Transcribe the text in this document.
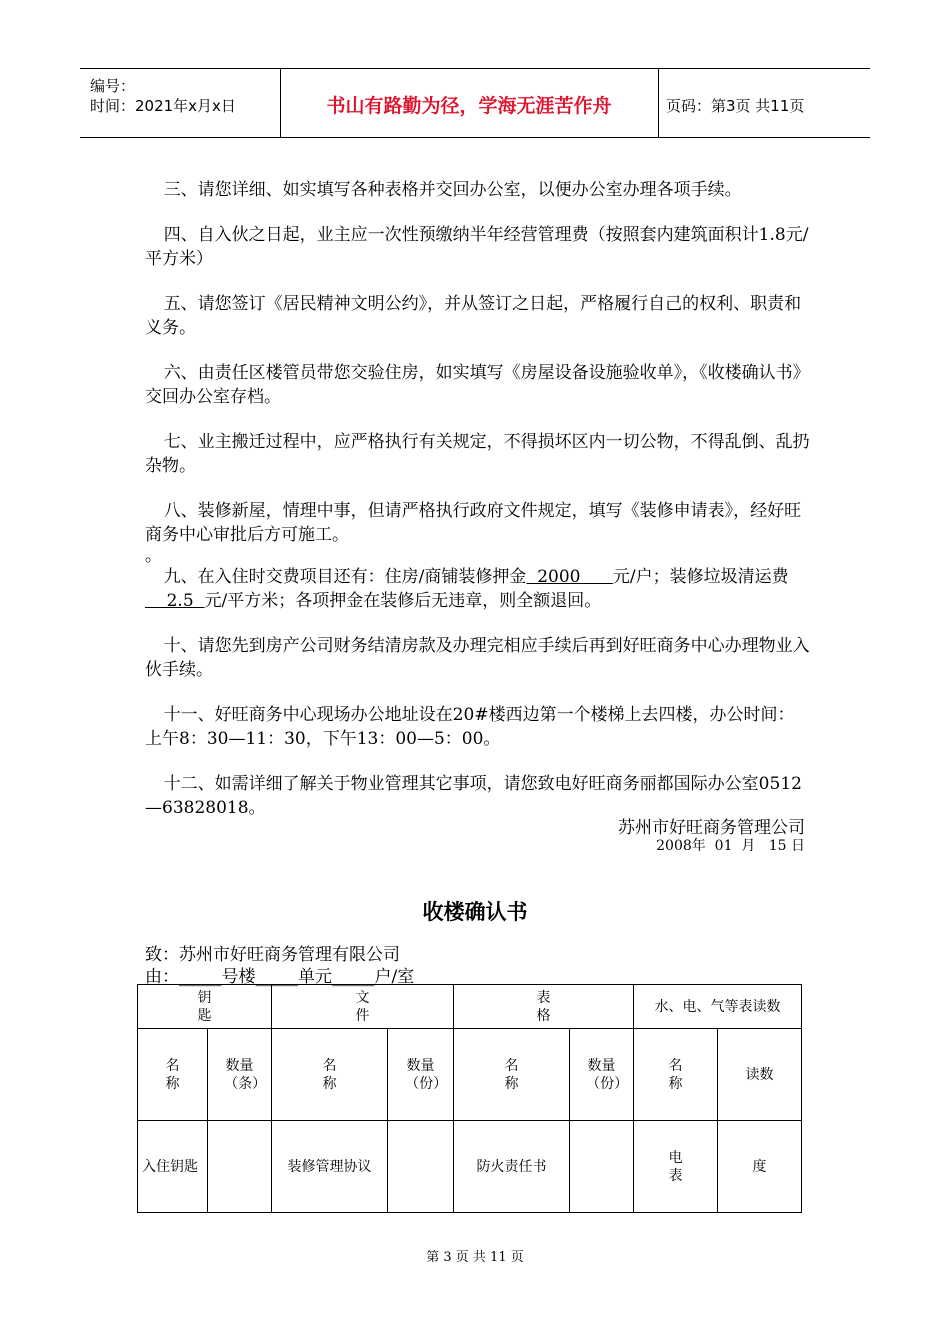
编号：
时间：2021年x月x日	书山有路勤为径，学海无涯苦作舟	页码：第3页 共11页

三、请您详细、如实填写各种表格并交回办公室，以便办公室办理各项手续。

四、自入伙之日起，业主应一次性预缴纳半年经营管理费（按照套内建筑面积计1.8元/平方米）

五、请您签订《居民精神文明公约》，并从签订之日起，严格履行自己的权利、职责和义务。

六、由责任区楼管员带您交验住房，如实填写《房屋设备设施验收单》，《收楼确认书》交回办公室存档。

七、业主搬迁过程中，应严格执行有关规定，不得损坏区内一切公物，不得乱倒、乱扔杂物。

八、装修新屋，情理中事，但请严格执行政府文件规定，填写《装修申请表》，经好旺商务中心审批后方可施工。

。

九、在入住时交费项目还有：住房/商铺装修押金  2000      元/户；装修垃圾清运费    2.5  元/平方米；各项押金在装修后无违章，则全额退回。

十、请您先到房产公司财务结清房款及办理完相应手续后再到好旺商务中心办理物业入伙手续。

十一、好旺商务中心现场办公地址设在20#楼西边第一个楼梯上去四楼，办公时间：上午8：30—11：30，下午13：00—5：00。

十二、如需详细了解关于物业管理其它事项，请您致电好旺商务丽都国际办公室0512—63828018。

苏州市好旺商务管理公司
2008年  01  月   15 日
收楼确认书
致：苏州市好旺商务管理有限公司
由：_____号楼_____单元_____户/室
钥匙		文件		表格		水、电、气等表读数	
名称	数量（条）	名称	数量（份）	名称	数量（份）	名称	读数
入住钥匙		装修管理协议		防火责任书		电表	度
第 3 页 共 11 页
